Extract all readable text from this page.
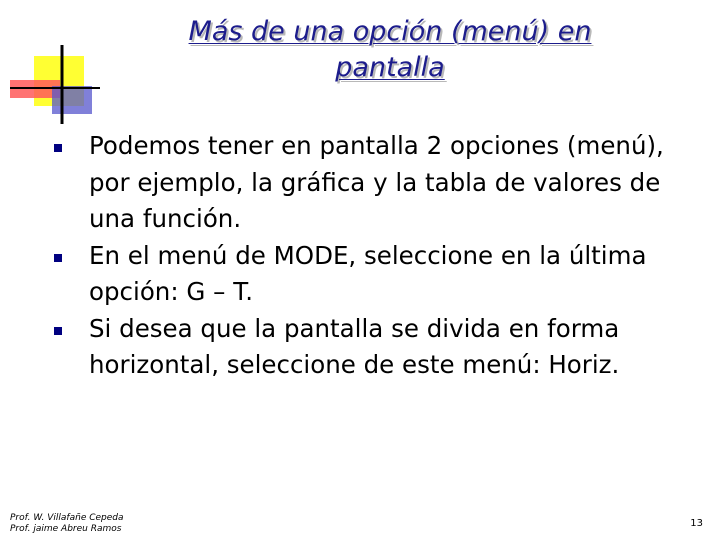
Más de una opción (menú) en
pantalla
Podemos tener en pantalla 2 opciones (menú), por ejemplo, la gráfica y la tabla de valores de una función.
En el menú de MODE, seleccione en la última opción: G – T.
Si desea que la pantalla se divida en forma horizontal, seleccione de este menú: Horiz.
Prof. W. Villafañe Cepeda
Prof. jaime Abreu Ramos	13
